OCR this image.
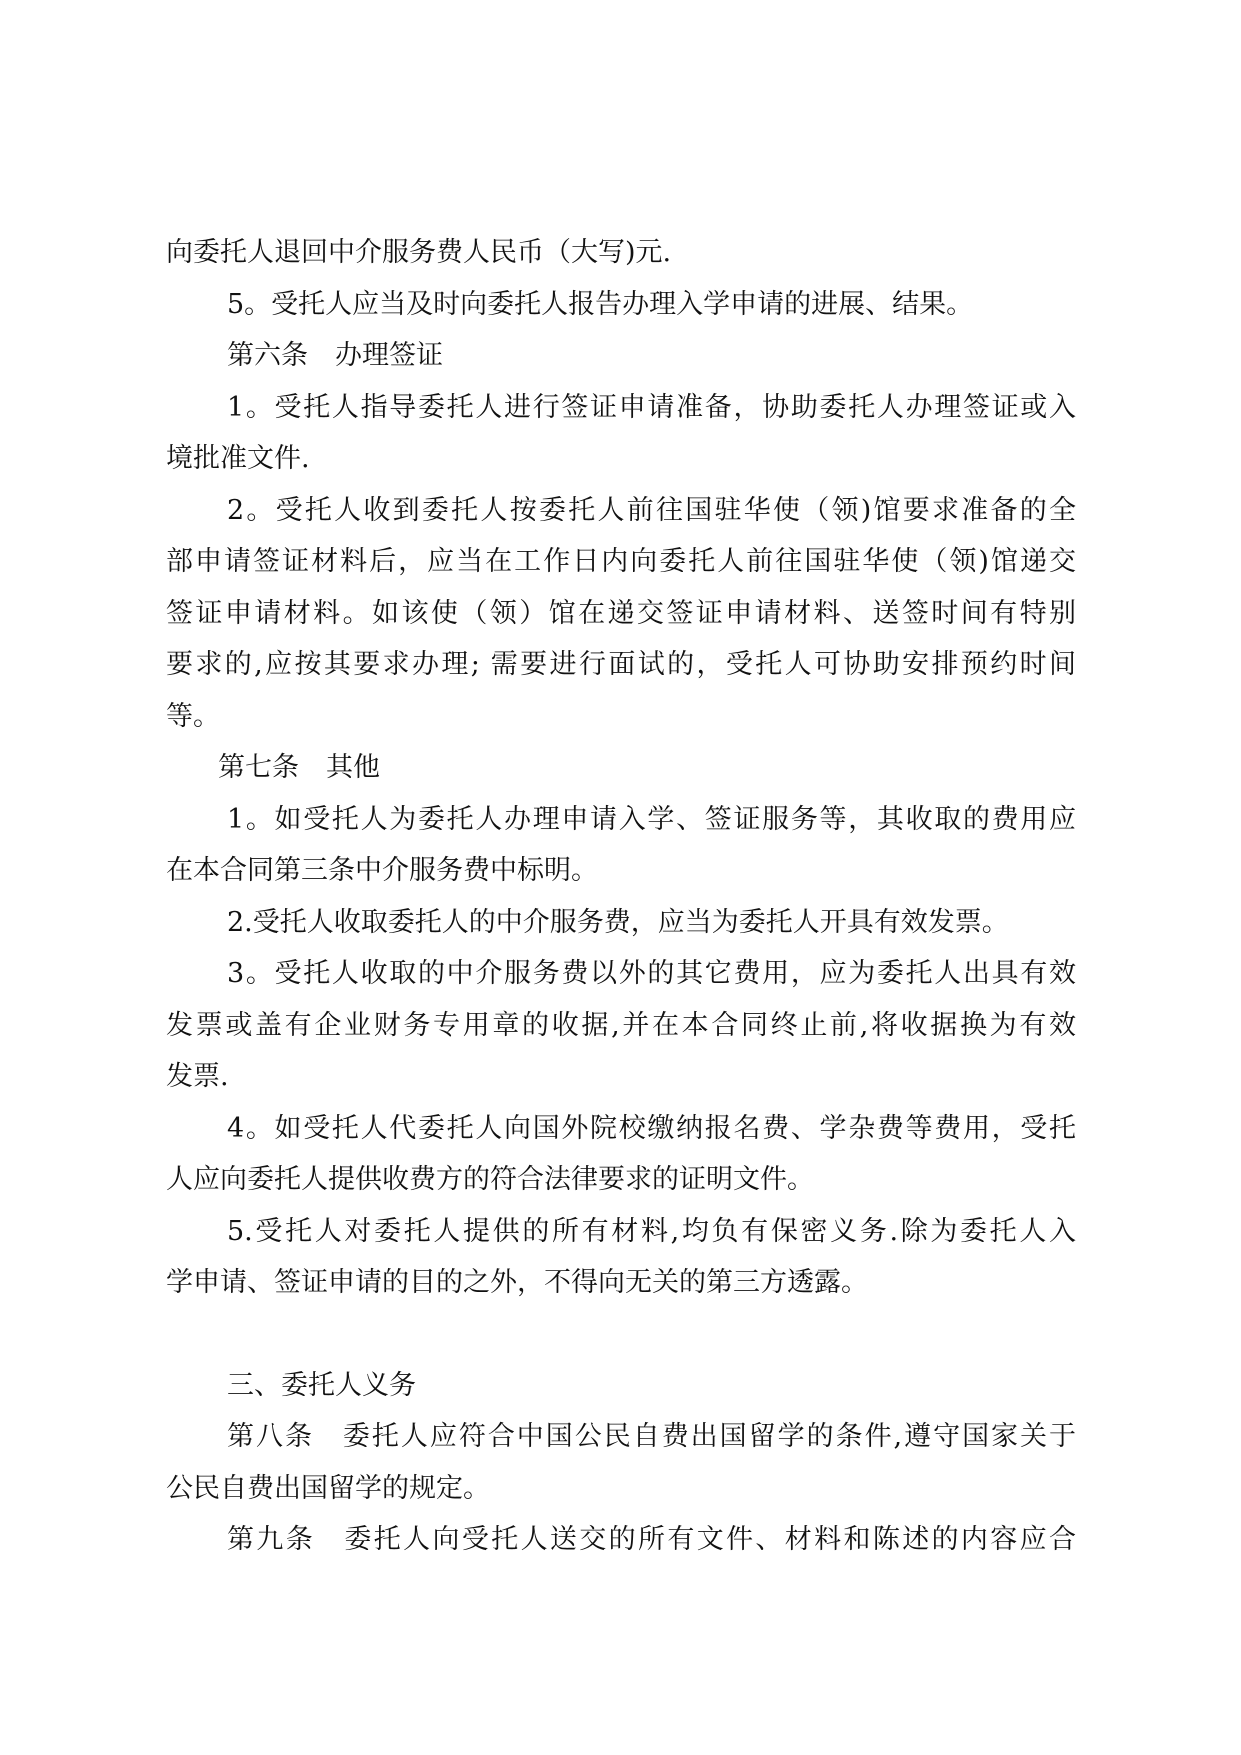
向委托人退回中介服务费人民币（大写)元.
5。受托人应当及时向委托人报告办理入学申请的进展、结果。
第六条 办理签证
1。受托人指导委托人进行签证申请准备，协助委托人办理签证或入
境批准文件.
2。受托人收到委托人按委托人前往国驻华使（领)馆要求准备的全
部申请签证材料后，应当在工作日内向委托人前往国驻华使（领)馆递交
签证申请材料。如该使（领）馆在递交签证申请材料、送签时间有特别
要求的,应按其要求办理; 需要进行面试的，受托人可协助安排预约时间
等。
第七条 其他
1。如受托人为委托人办理申请入学、签证服务等，其收取的费用应
在本合同第三条中介服务费中标明。
2.受托人收取委托人的中介服务费，应当为委托人开具有效发票。
3。受托人收取的中介服务费以外的其它费用，应为委托人出具有效
发票或盖有企业财务专用章的收据,并在本合同终止前,将收据换为有效
发票.
4。如受托人代委托人向国外院校缴纳报名费、学杂费等费用，受托
人应向委托人提供收费方的符合法律要求的证明文件。
5.受托人对委托人提供的所有材料,均负有保密义务.除为委托人入
学申请、签证申请的目的之外，不得向无关的第三方透露。
三、委托人义务
第八条 委托人应符合中国公民自费出国留学的条件,遵守国家关于
公民自费出国留学的规定。
第九条 委托人向受托人送交的所有文件、材料和陈述的内容应合
